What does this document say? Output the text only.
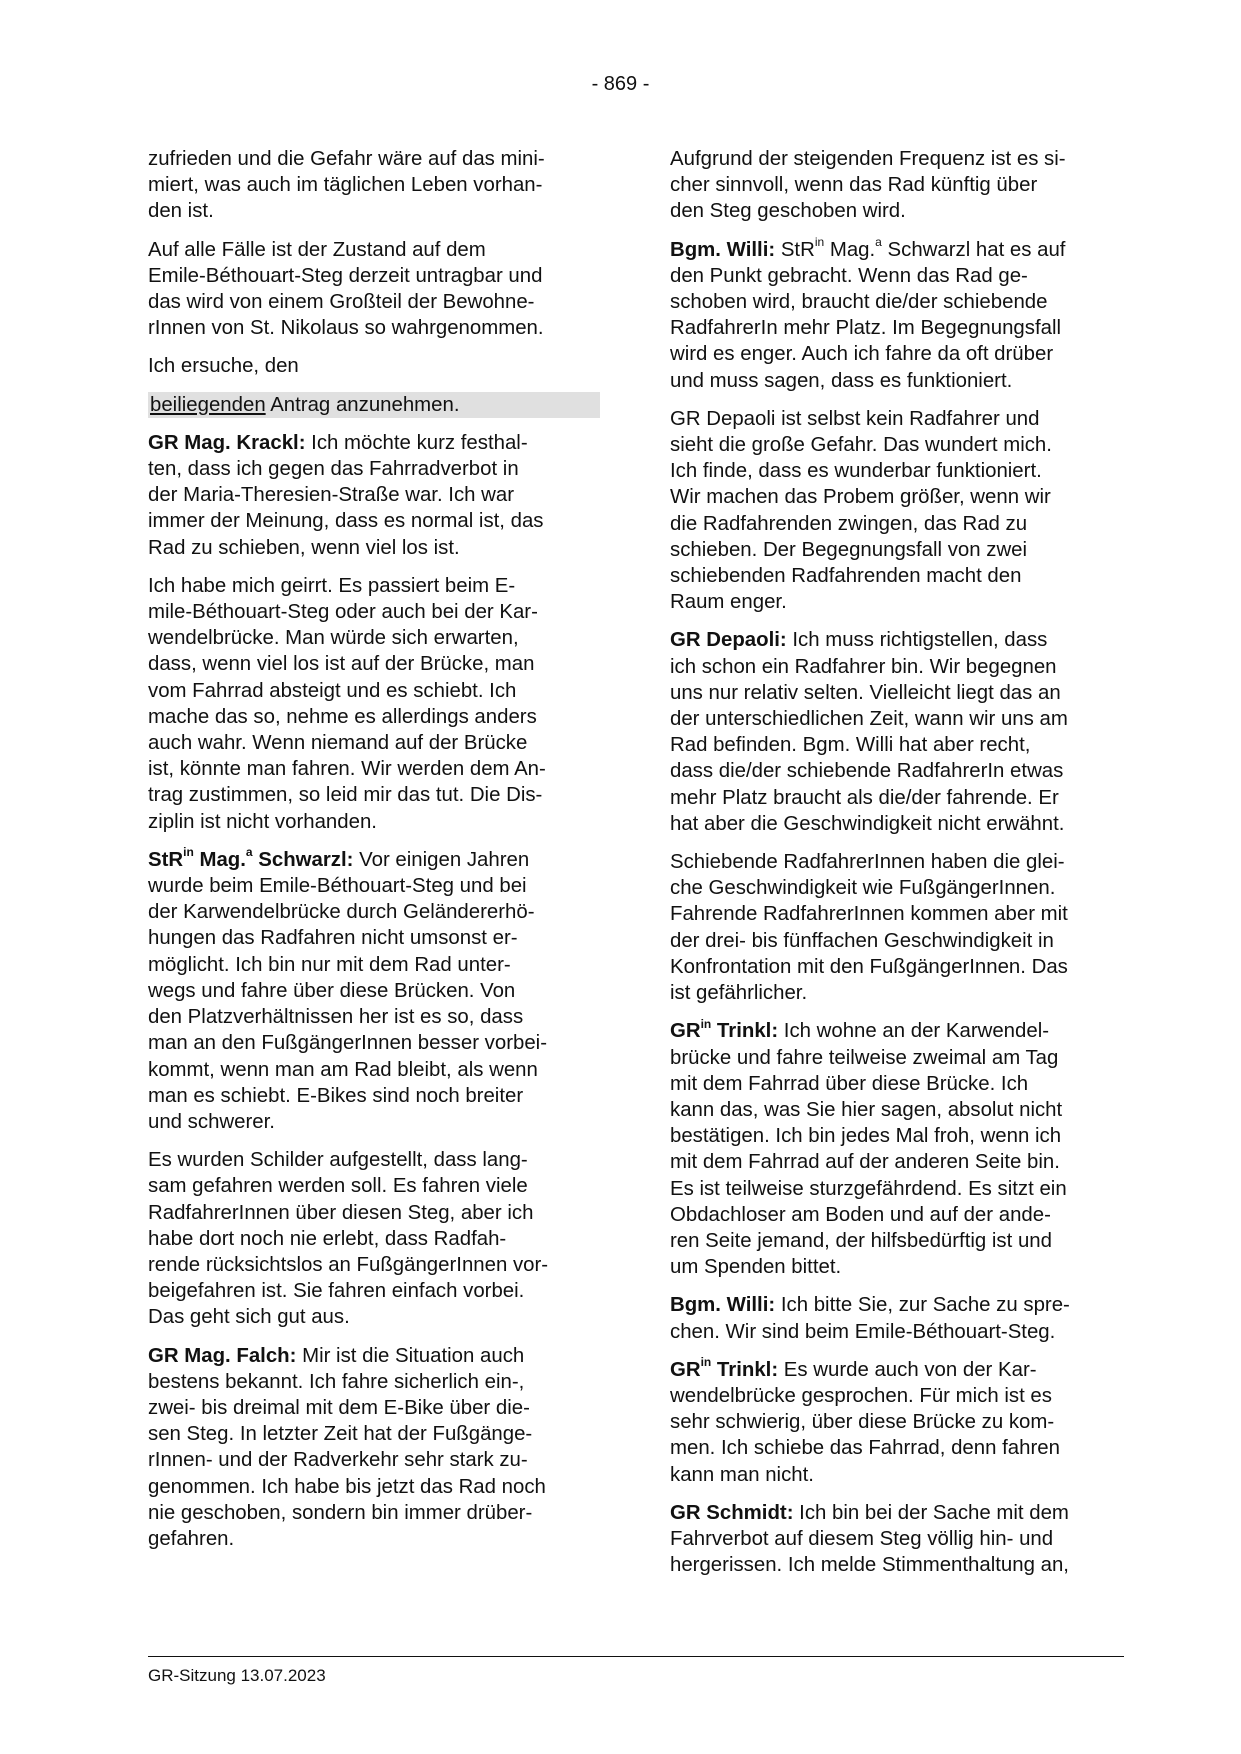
- 869 -

zufrieden und die Gefahr wäre auf das mini-
miert, was auch im täglichen Leben vorhan-
den ist.

Auf alle Fälle ist der Zustand auf dem
Emile-Béthouart-Steg derzeit untragbar und
das wird von einem Großteil der Bewohne-
rInnen von St. Nikolaus so wahrgenommen.

Ich ersuche, den

beiliegenden Antrag anzunehmen.

GR Mag. Krackl: Ich möchte kurz festhal-
ten, dass ich gegen das Fahrradverbot in
der Maria-Theresien-Straße war. Ich war
immer der Meinung, dass es normal ist, das
Rad zu schieben, wenn viel los ist.

Ich habe mich geirrt. Es passiert beim E-
mile-Béthouart-Steg oder auch bei der Kar-
wendelbrücke. Man würde sich erwarten,
dass, wenn viel los ist auf der Brücke, man
vom Fahrrad absteigt und es schiebt. Ich
mache das so, nehme es allerdings anders
auch wahr. Wenn niemand auf der Brücke
ist, könnte man fahren. Wir werden dem An-
trag zustimmen, so leid mir das tut. Die Dis-
ziplin ist nicht vorhanden.

StR$^{in}$ Mag.$^a$ Schwarzl: Vor einigen Jahren
wurde beim Emile-Béthouart-Steg und bei
der Karwendelbrücke durch Geländererhö-
hungen das Radfahren nicht umsonst er-
möglicht. Ich bin nur mit dem Rad unter-
wegs und fahre über diese Brücken. Von
den Platzverhältnissen her ist es so, dass
man an den FußgängerInnen besser vorbei-
kommt, wenn man am Rad bleibt, als wenn
man es schiebt. E-Bikes sind noch breiter
und schwerer.

Es wurden Schilder aufgestellt, dass lang-
sam gefahren werden soll. Es fahren viele
RadfahrerInnen über diesen Steg, aber ich
habe dort noch nie erlebt, dass Radfah-
rende rücksichtslos an FußgängerInnen vor-
beigefahren ist. Sie fahren einfach vorbei.
Das geht sich gut aus.

GR Mag. Falch: Mir ist die Situation auch
bestens bekannt. Ich fahre sicherlich ein-,
zwei- bis dreimal mit dem E-Bike über die-
sen Steg. In letzter Zeit hat der Fußgänge-
rInnen- und der Radverkehr sehr stark zu-
genommen. Ich habe bis jetzt das Rad noch
nie geschoben, sondern bin immer drüber-
gefahren.

Aufgrund der steigenden Frequenz ist es si-
cher sinnvoll, wenn das Rad künftig über
den Steg geschoben wird.

Bgm. Willi: StR$^{in}$ Mag.$^a$ Schwarzl hat es auf
den Punkt gebracht. Wenn das Rad ge-
schoben wird, braucht die/der schiebende
RadfahrerIn mehr Platz. Im Begegnungsfall
wird es enger. Auch ich fahre da oft drüber
und muss sagen, dass es funktioniert.

GR Depaoli ist selbst kein Radfahrer und
sieht die große Gefahr. Das wundert mich.
Ich finde, dass es wunderbar funktioniert.
Wir machen das Probem größer, wenn wir
die Radfahrenden zwingen, das Rad zu
schieben. Der Begegnungsfall von zwei
schiebenden Radfahrenden macht den
Raum enger.

GR Depaoli: Ich muss richtigstellen, dass
ich schon ein Radfahrer bin. Wir begegnen
uns nur relativ selten. Vielleicht liegt das an
der unterschiedlichen Zeit, wann wir uns am
Rad befinden. Bgm. Willi hat aber recht,
dass die/der schiebende RadfahrerIn etwas
mehr Platz braucht als die/der fahrende. Er
hat aber die Geschwindigkeit nicht erwähnt.

Schiebende RadfahrerInnen haben die glei-
che Geschwindigkeit wie FußgängerInnen.
Fahrende RadfahrerInnen kommen aber mit
der drei- bis fünffachen Geschwindigkeit in
Konfrontation mit den FußgängerInnen. Das
ist gefährlicher.

$GR^{in}$ Trinkl: Ich wohne an der Karwendel-
brücke und fahre teilweise zweimal am Tag
mit dem Fahrrad über diese Brücke. Ich
kann das, was Sie hier sagen, absolut nicht
bestätigen. Ich bin jedes Mal froh, wenn ich
mit dem Fahrrad auf der anderen Seite bin.
Es ist teilweise sturzgefährdend. Es sitzt ein
Obdachloser am Boden und auf der ande-
ren Seite jemand, der hilfsbedürftig ist und
um Spenden bittet.

Bgm. Willi: Ich bitte Sie, zur Sache zu spre-
chen. Wir sind beim Emile-Béthouart-Steg.

$GR^{in}$ Trinkl: Es wurde auch von der Kar-
wendelbrücke gesprochen. Für mich ist es
sehr schwierig, über diese Brücke zu kom-
men. Ich schiebe das Fahrrad, denn fahren
kann man nicht.

GR Schmidt: Ich bin bei der Sache mit dem
Fahrverbot auf diesem Steg völlig hin- und
hergerissen. Ich melde Stimmenthaltung an,

GR-Sitzung 13.07.2023
